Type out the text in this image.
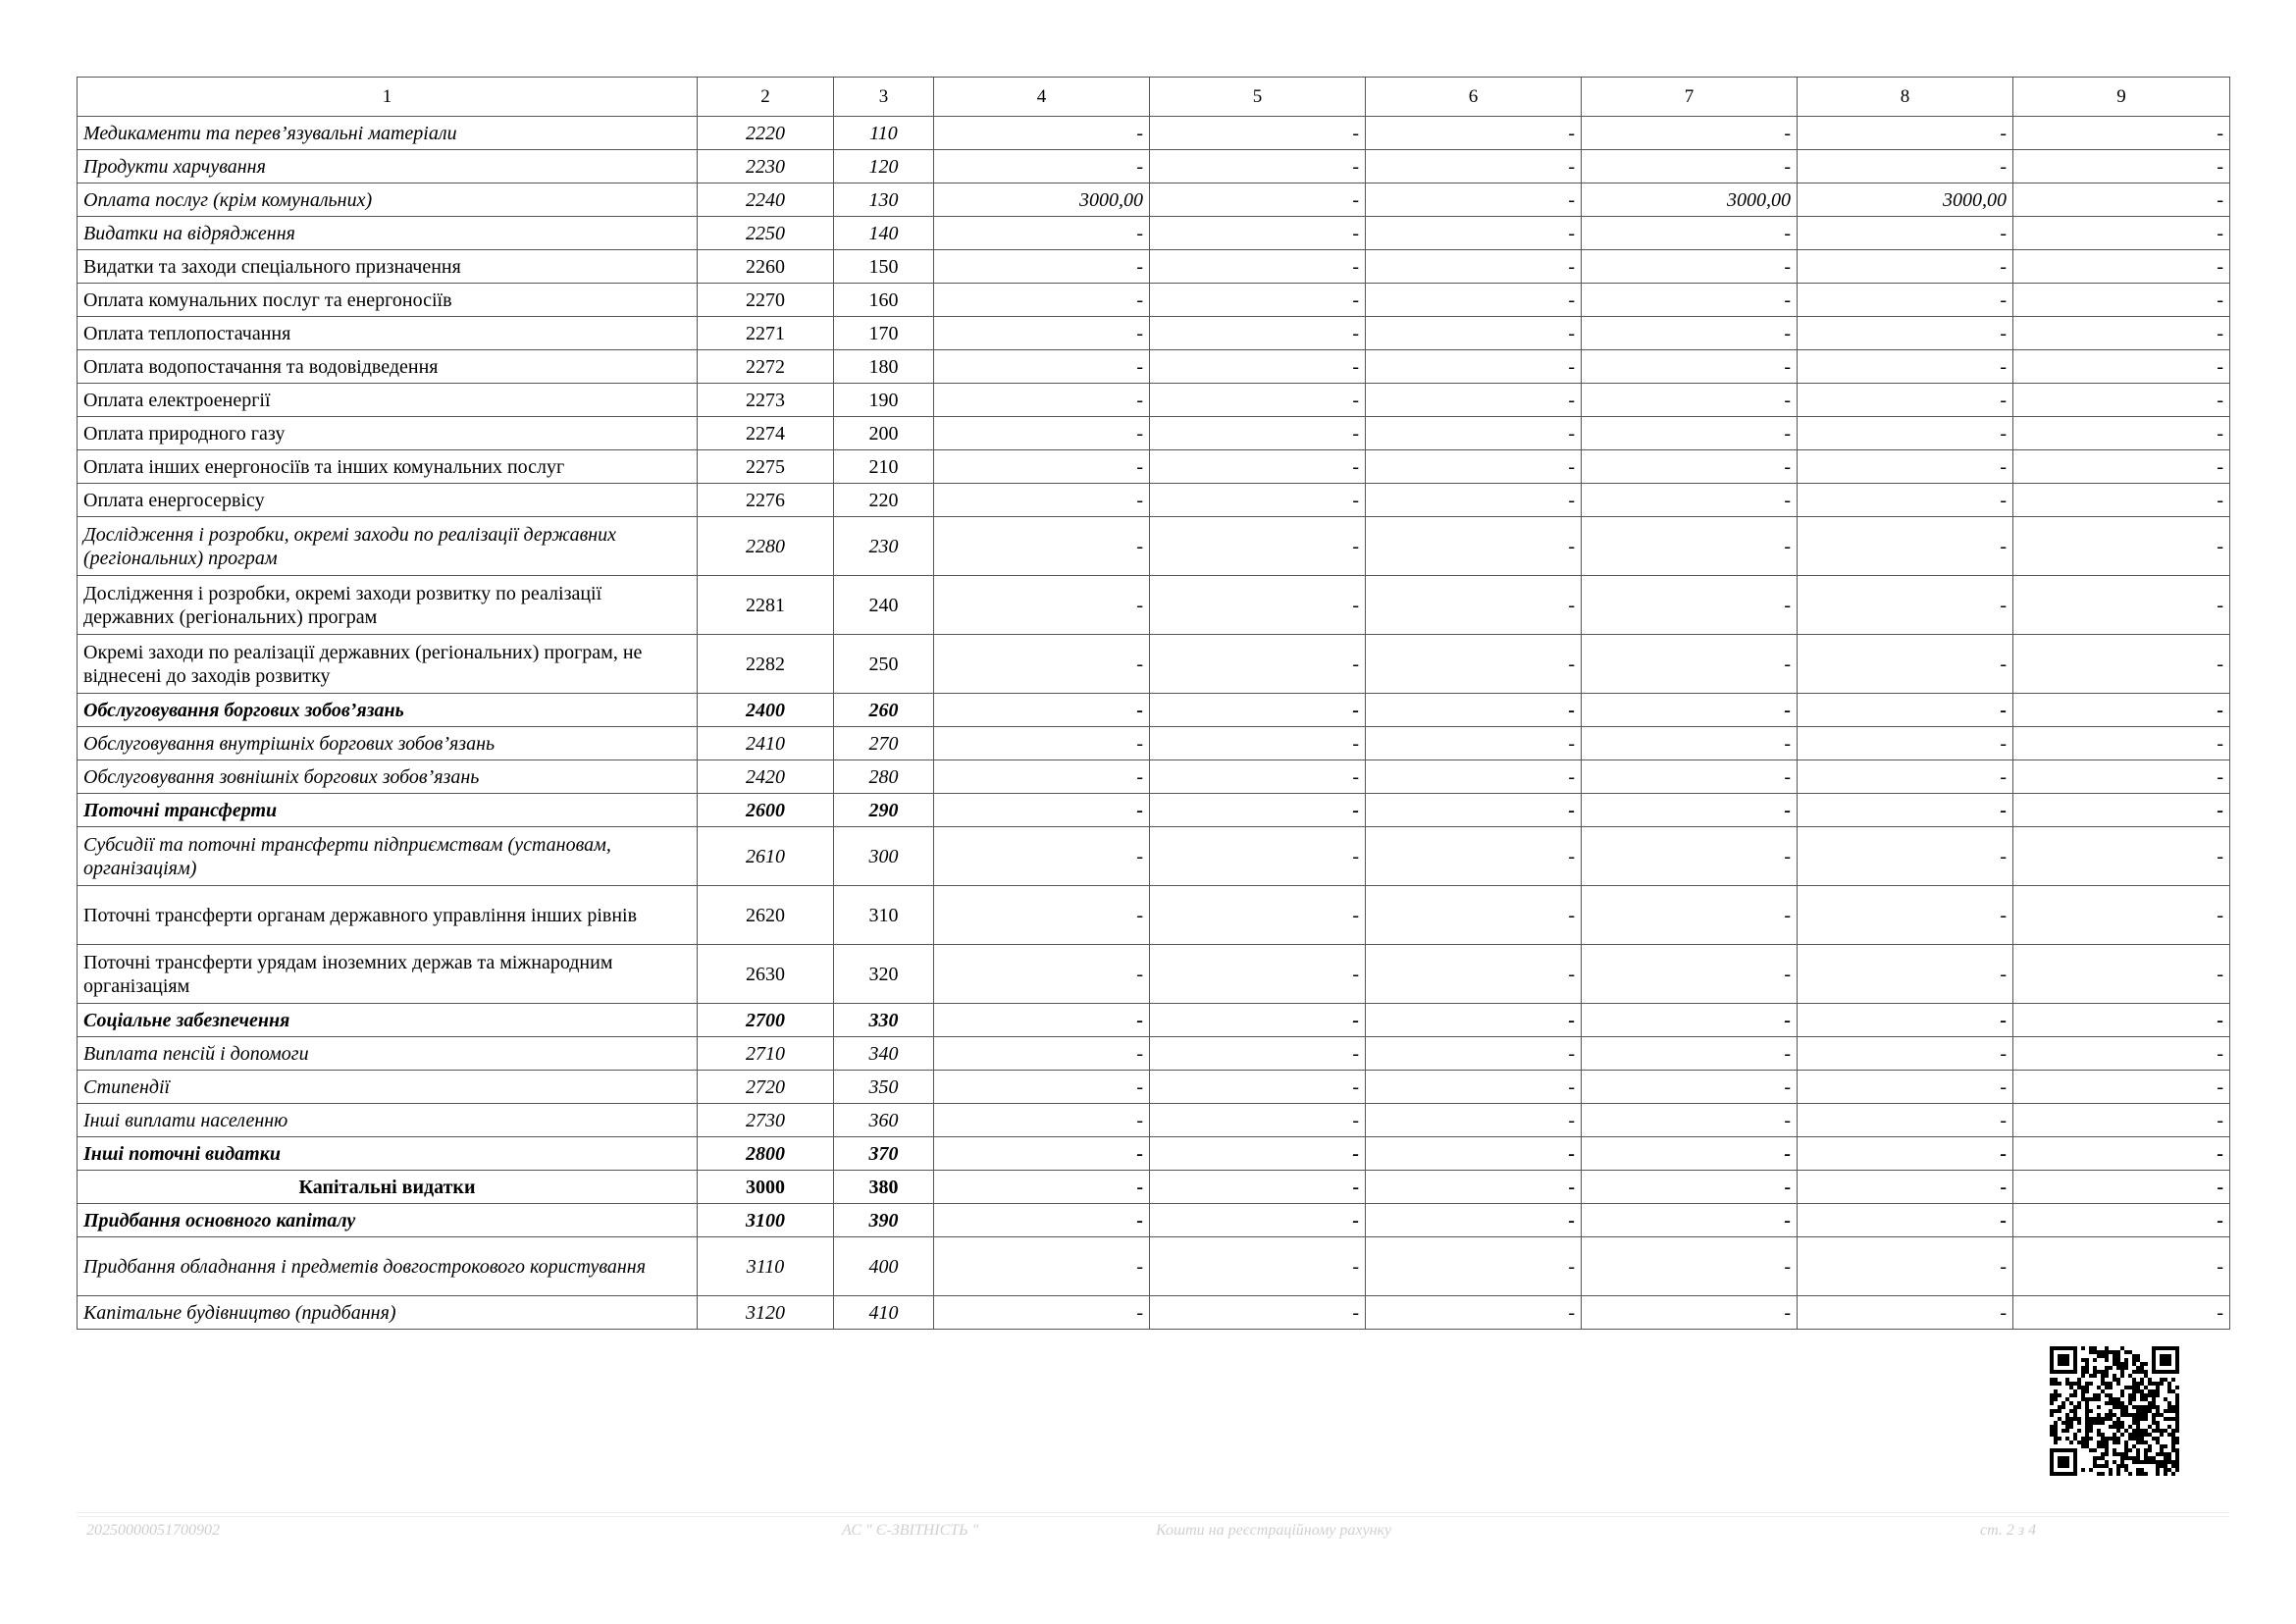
1	2	3	4	5	6	7	8	9
Медикаменти та перев’язувальні матеріали	2220	110	-	-	-	-	-	-
Продукти харчування	2230	120	-	-	-	-	-	-
Оплата послуг (крім комунальних)	2240	130	3000,00	-	-	3000,00	3000,00	-
Видатки на відрядження	2250	140	-	-	-	-	-	-
Видатки та заходи спеціального призначення	2260	150	-	-	-	-	-	-
Оплата комунальних послуг та енергоносіїв	2270	160	-	-	-	-	-	-
Оплата теплопостачання	2271	170	-	-	-	-	-	-
Оплата водопостачання та водовідведення	2272	180	-	-	-	-	-	-
Оплата електроенергії	2273	190	-	-	-	-	-	-
Оплата природного газу	2274	200	-	-	-	-	-	-
Оплата інших енергоносіїв та інших комунальних послуг	2275	210	-	-	-	-	-	-
Оплата енергосервісу	2276	220	-	-	-	-	-	-
Дослідження і розробки, окремі заходи по реалізації державних (регіональних) програм	2280	230	-	-	-	-	-	-
Дослідження і розробки, окремі заходи розвитку по реалізації державних (регіональних) програм	2281	240	-	-	-	-	-	-
Окремі заходи по реалізації державних (регіональних) програм, не віднесені до заходів розвитку	2282	250	-	-	-	-	-	-
Обслуговування боргових зобов’язань	2400	260	-	-	-	-	-	-
Обслуговування внутрішніх боргових зобов’язань	2410	270	-	-	-	-	-	-
Обслуговування зовнішніх боргових зобов’язань	2420	280	-	-	-	-	-	-
Поточні трансферти	2600	290	-	-	-	-	-	-
Субсидії та поточні трансферти підприємствам (установам, організаціям)	2610	300	-	-	-	-	-	-
Поточні трансферти органам державного управління інших рівнів	2620	310	-	-	-	-	-	-
Поточні трансферти урядам іноземних держав та міжнародним організаціям	2630	320	-	-	-	-	-	-
Соціальне забезпечення	2700	330	-	-	-	-	-	-
Виплата пенсій і допомоги	2710	340	-	-	-	-	-	-
Стипендії	2720	350	-	-	-	-	-	-
Інші виплати населенню	2730	360	-	-	-	-	-	-
Інші поточні видатки	2800	370	-	-	-	-	-	-
Капітальні видатки	3000	380	-	-	-	-	-	-
Придбання основного капіталу	3100	390	-	-	-	-	-	-
Придбання обладнання і предметів довгострокового користування	3110	400	-	-	-	-	-	-
Капітальне будівництво (придбання)	3120	410	-	-	-	-	-	-
20250000051700902	АС " Є-ЗВІТНІСТЬ "	Кошти на реєстраційному рахунку	ст. 2 з 4
